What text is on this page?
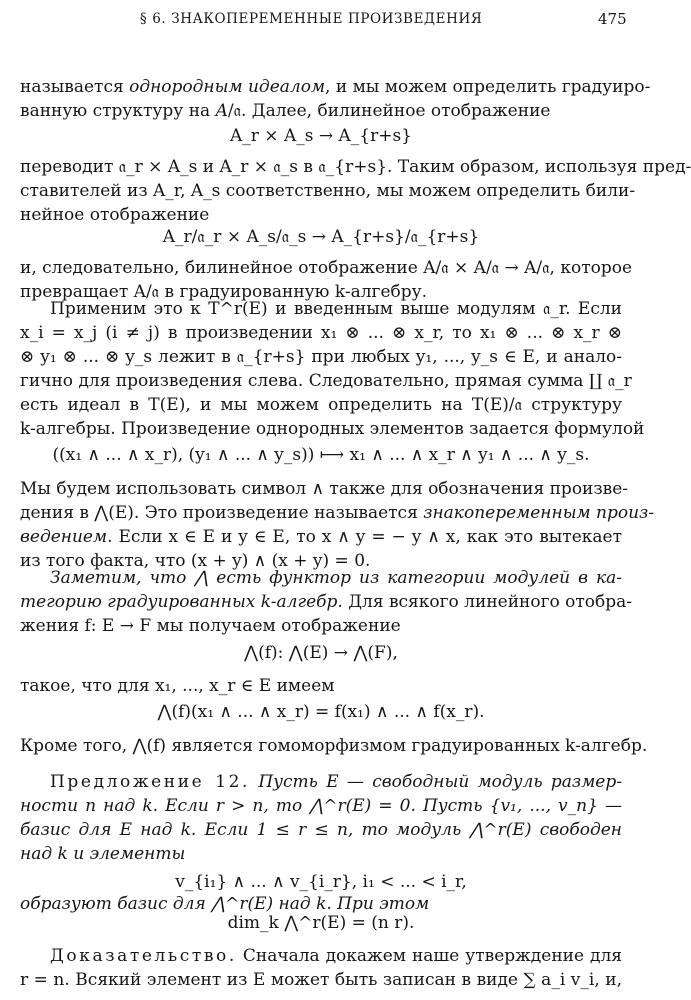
§ 6. ЗНАКОПЕРЕМЕННЫЕ ПРОИЗВЕДЕНИЯ	475
называется однородным идеалом, и мы можем определить градуиро-
ванную структуру на A/𝔞. Далее, билинейное отображение
A_r × A_s → A_{r+s}
переводит 𝔞_r × A_s и A_r × 𝔞_s в 𝔞_{r+s}. Таким образом, используя пред-
ставителей из A_r, A_s соответственно, мы можем определить били-
нейное отображение
A_r/𝔞_r × A_s/𝔞_s → A_{r+s}/𝔞_{r+s}
и, следовательно, билинейное отображение A/𝔞 × A/𝔞 → A/𝔞, которое
превращает A/𝔞 в градуированную k-алгебру.
Применим это к T^r(E) и введенным выше модулям 𝔞_r. Если
x_i = x_j (i ≠ j) в произведении x₁ ⊗ ... ⊗ x_r, то x₁ ⊗ ... ⊗ x_r ⊗
⊗ y₁ ⊗ ... ⊗ y_s лежит в 𝔞_{r+s} при любых y₁, ..., y_s ∈ E, и анало-
гично для произведения слева. Следовательно, прямая сумма ∐ 𝔞_r
есть идеал в T(E), и мы можем определить на T(E)/𝔞 структуру
k-алгебры. Произведение однородных элементов задается формулой
((x₁ ∧ ... ∧ x_r), (y₁ ∧ ... ∧ y_s)) ⟼ x₁ ∧ ... ∧ x_r ∧ y₁ ∧ ... ∧ y_s.
Мы будем использовать символ ∧ также для обозначения произве-
дения в ⋀(E). Это произведение называется знакопеременным произ-
ведением. Если x ∈ E и y ∈ E, то x ∧ y = − y ∧ x, как это вытекает
из того факта, что (x + y) ∧ (x + y) = 0.
Заметим, что ⋀ есть функтор из категории модулей в ка-
тегорию градуированных k-алгебр. Для всякого линейного отобра-
жения f: E → F мы получаем отображение
⋀(f): ⋀(E) → ⋀(F),
такое, что для x₁, ..., x_r ∈ E имеем
⋀(f)(x₁ ∧ ... ∧ x_r) = f(x₁) ∧ ... ∧ f(x_r).
Кроме того, ⋀(f) является гомоморфизмом градуированных k-алгебр.
Предложение 12. Пусть E — свободный модуль размер-
ности n над k. Если r > n, то ⋀^r(E) = 0. Пусть {v₁, ..., v_n} —
базис для E над k. Если 1 ≤ r ≤ n, то модуль ⋀^r(E) свободен
над k и элементы
v_{i₁} ∧ ... ∧ v_{i_r}, i₁ < ... < i_r,
образуют базис для ⋀^r(E) над k. При этом
dim_k ⋀^r(E) = (n r).
Доказательство. Сначала докажем наше утверждение для
r = n. Всякий элемент из E может быть записан в виде ∑ a_i v_i, и,
